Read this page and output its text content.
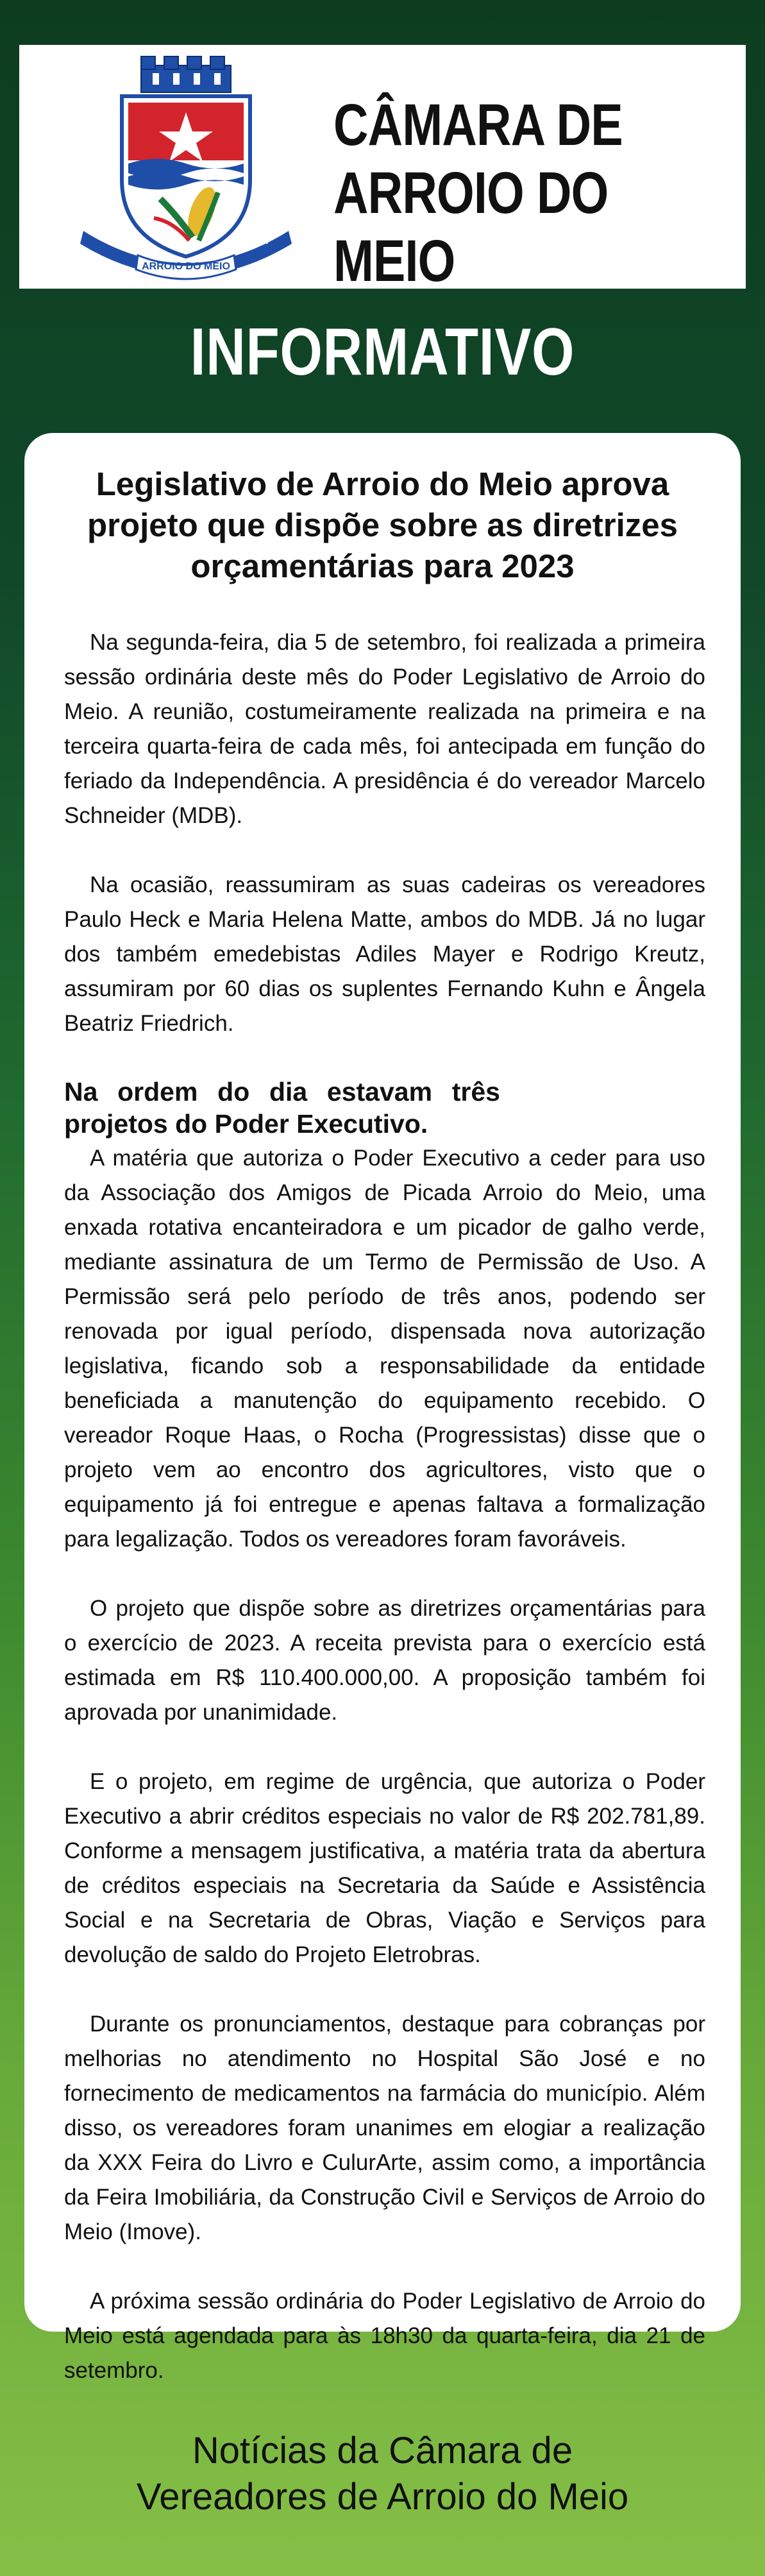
1853	1934
ARROIO DO MEIO
CÂMARA DE
ARROIO DO MEIO
INFORMATIVO
Legislativo de Arroio do Meio aprova projeto que dispõe sobre as diretrizes orçamentárias para 2023

Na segunda-feira, dia 5 de setembro, foi realizada a primeira sessão ordinária deste mês do Poder Legislativo de Arroio do Meio. A reunião, costumeiramente realizada na primeira e na terceira quarta-feira de cada mês, foi antecipada em função do feriado da Independência. A presidência é do vereador Marcelo Schneider (MDB).

Na ocasião, reassumiram as suas cadeiras os vereadores Paulo Heck e Maria Helena Matte, ambos do MDB. Já no lugar dos também emedebistas Adiles Mayer e Rodrigo Kreutz, assumiram por 60 dias os suplentes Fernando Kuhn e Ângela Beatriz Friedrich.

Na ordem do dia estavam três projetos do Poder Executivo.

A matéria que autoriza o Poder Executivo a ceder para uso da Associação dos Amigos de Picada Arroio do Meio, uma enxada rotativa encanteiradora e um picador de galho verde, mediante assinatura de um Termo de Permissão de Uso. A Permissão será pelo período de três anos, podendo ser renovada por igual período, dispensada nova autorização legislativa, ficando sob a responsabilidade da entidade beneficiada a manutenção do equipamento recebido. O vereador Roque Haas, o Rocha (Progressistas) disse que o projeto vem ao encontro dos agricultores, visto que o equipamento já foi entregue e apenas faltava a formalização para legalização. Todos os vereadores foram favoráveis.

O projeto que dispõe sobre as diretrizes orçamentárias para o exercício de 2023. A receita prevista para o exercício está estimada em R$ 110.400.000,00. A proposição também foi aprovada por unanimidade.

E o projeto, em regime de urgência, que autoriza o Poder Executivo a abrir créditos especiais no valor de R$ 202.781,89. Conforme a mensagem justificativa, a matéria trata da abertura de créditos especiais na Secretaria da Saúde e Assistência Social e na Secretaria de Obras, Viação e Serviços para devolução de saldo do Projeto Eletrobras.

Durante os pronunciamentos, destaque para cobranças por melhorias no atendimento no Hospital São José e no fornecimento de medicamentos na farmácia do município. Além disso, os vereadores foram unanimes em elogiar a realização da XXX Feira do Livro e CulurArte, assim como, a importância da Feira Imobiliária, da Construção Civil e Serviços de Arroio do Meio (Imove).

A próxima sessão ordinária do Poder Legislativo de Arroio do Meio está agendada para às 18h30 da quarta-feira, dia 21 de setembro.

Notícias da Câmara de
Vereadores de Arroio do Meio
